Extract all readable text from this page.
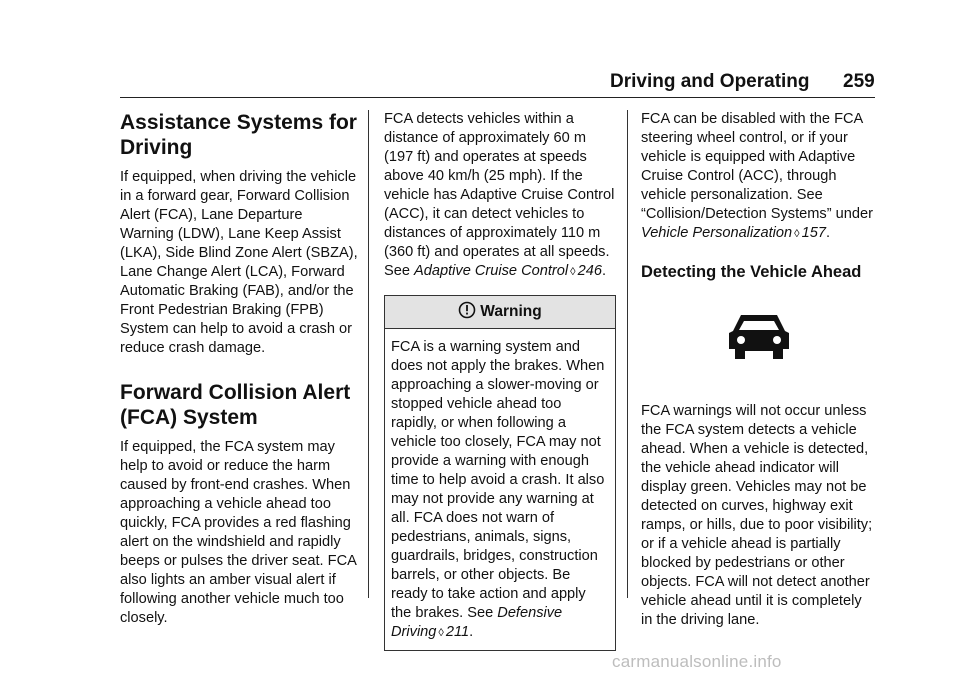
Driving and Operating 259
Assistance Systems for Driving

If equipped, when driving the vehicle in a forward gear, Forward Collision Alert (FCA), Lane Departure Warning (LDW), Lane Keep Assist (LKA), Side Blind Zone Alert (SBZA), Lane Change Alert (LCA), Forward Automatic Braking (FAB), and/or the Front Pedestrian Braking (FPB) System can help to avoid a crash or reduce crash damage.

Forward Collision Alert (FCA) System

If equipped, the FCA system may help to avoid or reduce the harm caused by front-end crashes. When approaching a vehicle ahead too quickly, FCA provides a red flashing alert on the windshield and rapidly beeps or pulses the driver seat. FCA also lights an amber visual alert if following another vehicle much too closely.

FCA detects vehicles within a distance of approximately 60 m (197 ft) and operates at speeds above 40 km/h (25 mph). If the vehicle has Adaptive Cruise Control (ACC), it can detect vehicles to distances of approximately 110 m (360 ft) and operates at all speeds. See Adaptive Cruise Control ◊ 246.

Warning
FCA is a warning system and does not apply the brakes. When approaching a slower-moving or stopped vehicle ahead too rapidly, or when following a vehicle too closely, FCA may not provide a warning with enough time to help avoid a crash. It also may not provide any warning at all. FCA does not warn of pedestrians, animals, signs, guardrails, bridges, construction barrels, or other objects. Be ready to take action and apply the brakes. See Defensive Driving ◊ 211.

FCA can be disabled with the FCA steering wheel control, or if your vehicle is equipped with Adaptive Cruise Control (ACC), through vehicle personalization. See “Collision/Detection Systems” under Vehicle Personalization ◊ 157.

Detecting the Vehicle Ahead

FCA warnings will not occur unless the FCA system detects a vehicle ahead. When a vehicle is detected, the vehicle ahead indicator will display green. Vehicles may not be detected on curves, highway exit ramps, or hills, due to poor visibility; or if a vehicle ahead is partially blocked by pedestrians or other objects. FCA will not detect another vehicle ahead until it is completely in the driving lane.

carmanualsonline.info
